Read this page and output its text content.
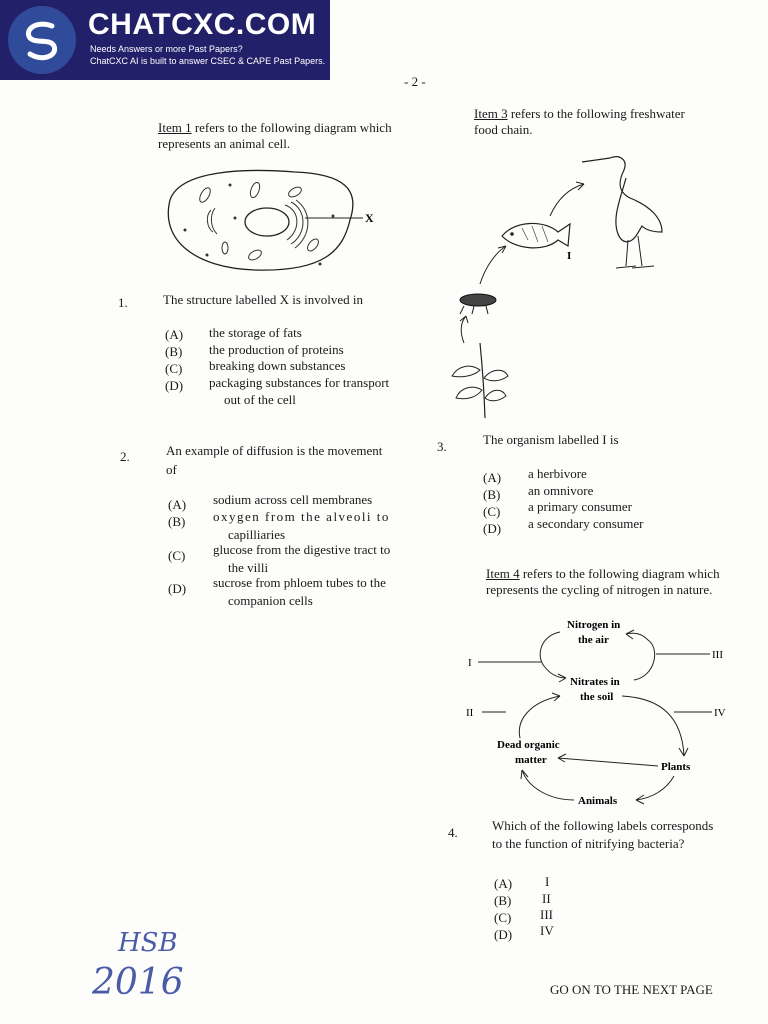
CHATCXC.COM
Needs Answers or more Past Papers?
ChatCXC AI is built to answer CSEC & CAPE Past Papers.
- 2 -
Item 1 refers to the following diagram which
represents an animal cell.
X
1.	The structure labelled X is involved in
(A) the storage of fats
(B) the production of proteins
(C) breaking down substances
(D) packaging substances for transport
out of the cell
2.	An example of diffusion is the movement
of
(A) sodium across cell membranes
(B) oxygen from the alveoli to
capilliaries
(C) glucose from the digestive tract to
the villi
(D) sucrose from phloem tubes to the
companion cells
Item 3 refers to the following freshwater
food chain.
I
3.	The organism labelled I is
(A) a herbivore
(B) an omnivore
(C) a primary consumer
(D) a secondary consumer
Item 4 refers to the following diagram which
represents the cycling of nitrogen in nature.
Nitrogen in
the air
Nitrates in
the soil
Dead organic
matter
Plants
Animals
I
III
II	IV
4.	Which of the following labels corresponds
to the function of nitrifying bacteria?
(A)	I
(B) II
(C) III
(D) IV
HSB
2016	GO ON TO THE NEXT PAGE
